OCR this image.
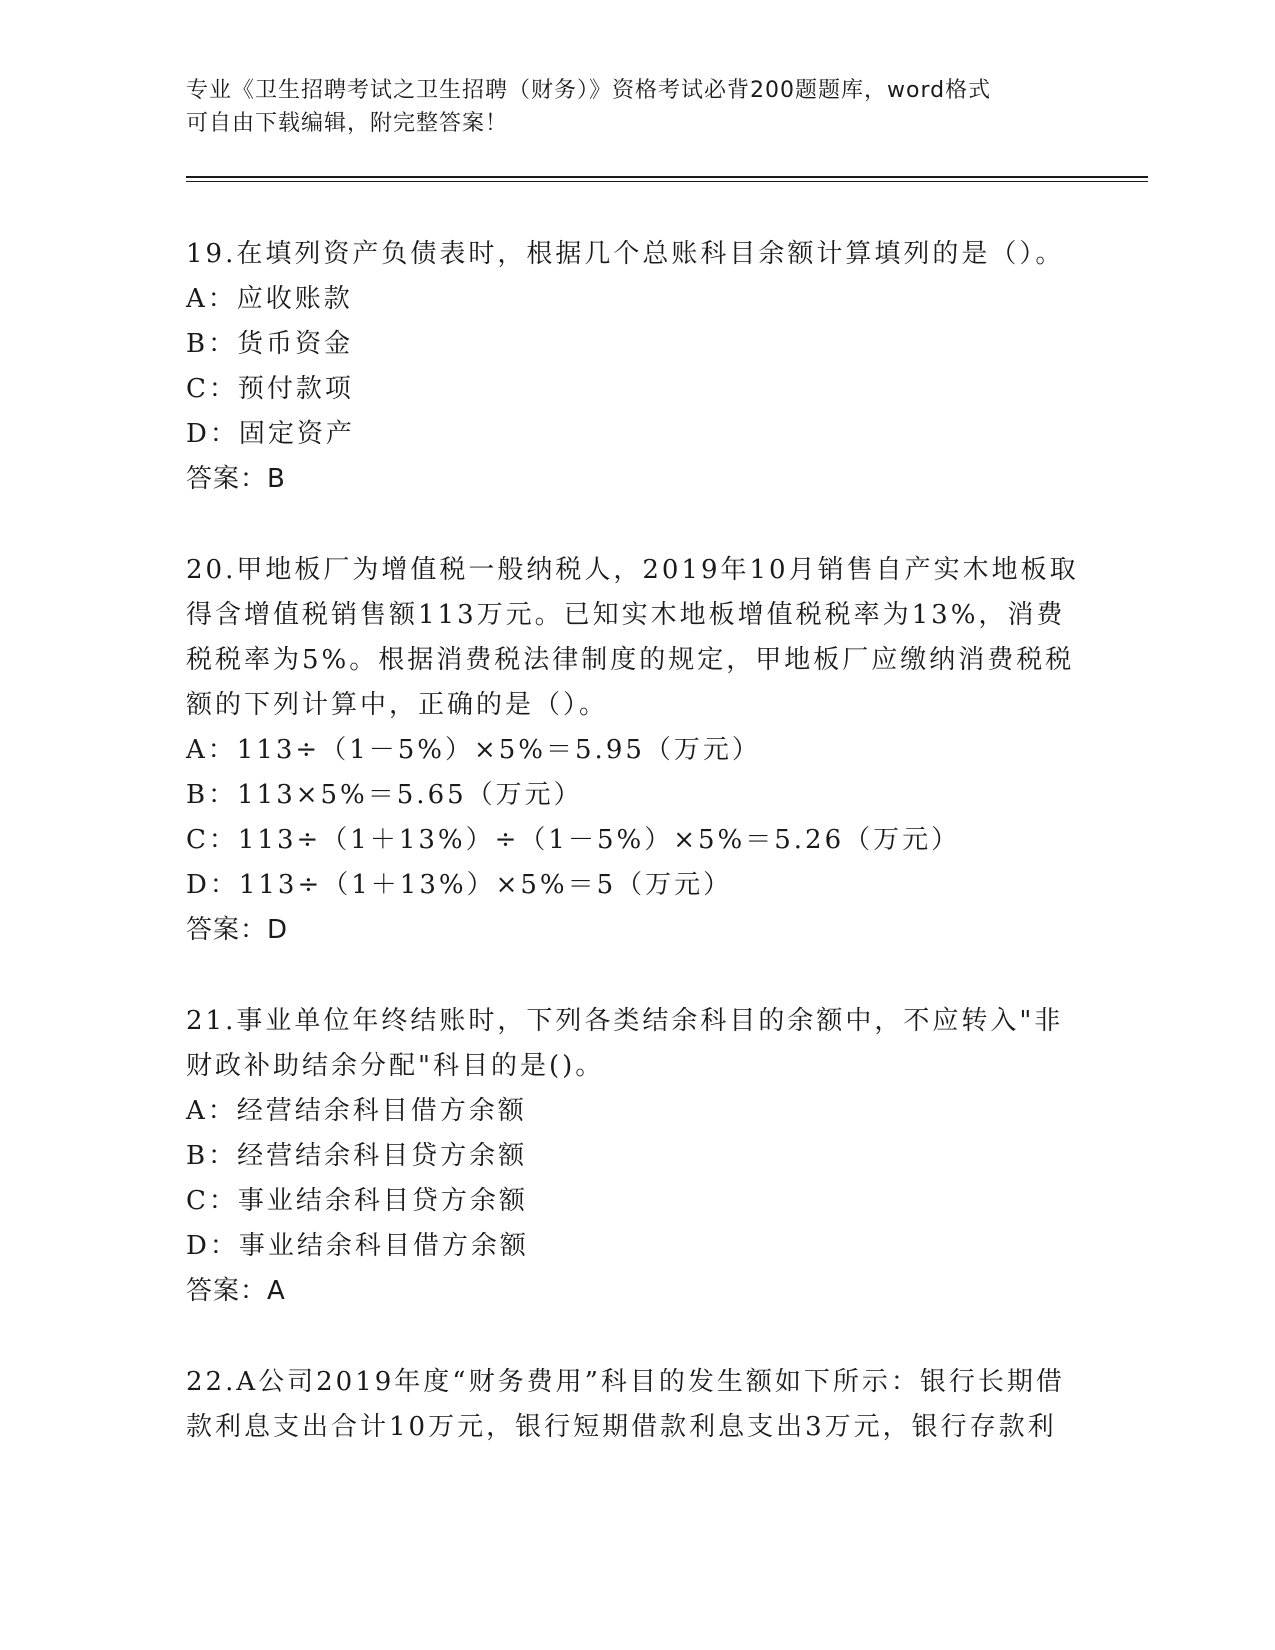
专业《卫生招聘考试之卫生招聘（财务）》资格考试必背200题题库，word格式
可自由下载编辑，附完整答案！
19.在填列资产负债表时，根据几个总账科目余额计算填列的是（）。
A：应收账款
B：货币资金
C：预付款项
D：固定资产
答案：B
20.甲地板厂为增值税一般纳税人，2019年10月销售自产实木地板取
得含增值税销售额113万元。已知实木地板增值税税率为13%，消费
税税率为5%。根据消费税法律制度的规定，甲地板厂应缴纳消费税税
额的下列计算中，正确的是（）。
A：113÷（1－5%）×5%＝5.95（万元）
B：113×5%＝5.65（万元）
C：113÷（1＋13%）÷（1－5%）×5%＝5.26（万元）
D：113÷（1＋13%）×5%＝5（万元）
答案：D
21.事业单位年终结账时，下列各类结余科目的余额中，不应转入"非
财政补助结余分配"科目的是()。
A：经营结余科目借方余额
B：经营结余科目贷方余额
C：事业结余科目贷方余额
D：事业结余科目借方余额
答案：A
22.A公司2019年度“财务费用”科目的发生额如下所示：银行长期借
款利息支出合计10万元，银行短期借款利息支出3万元，银行存款利
